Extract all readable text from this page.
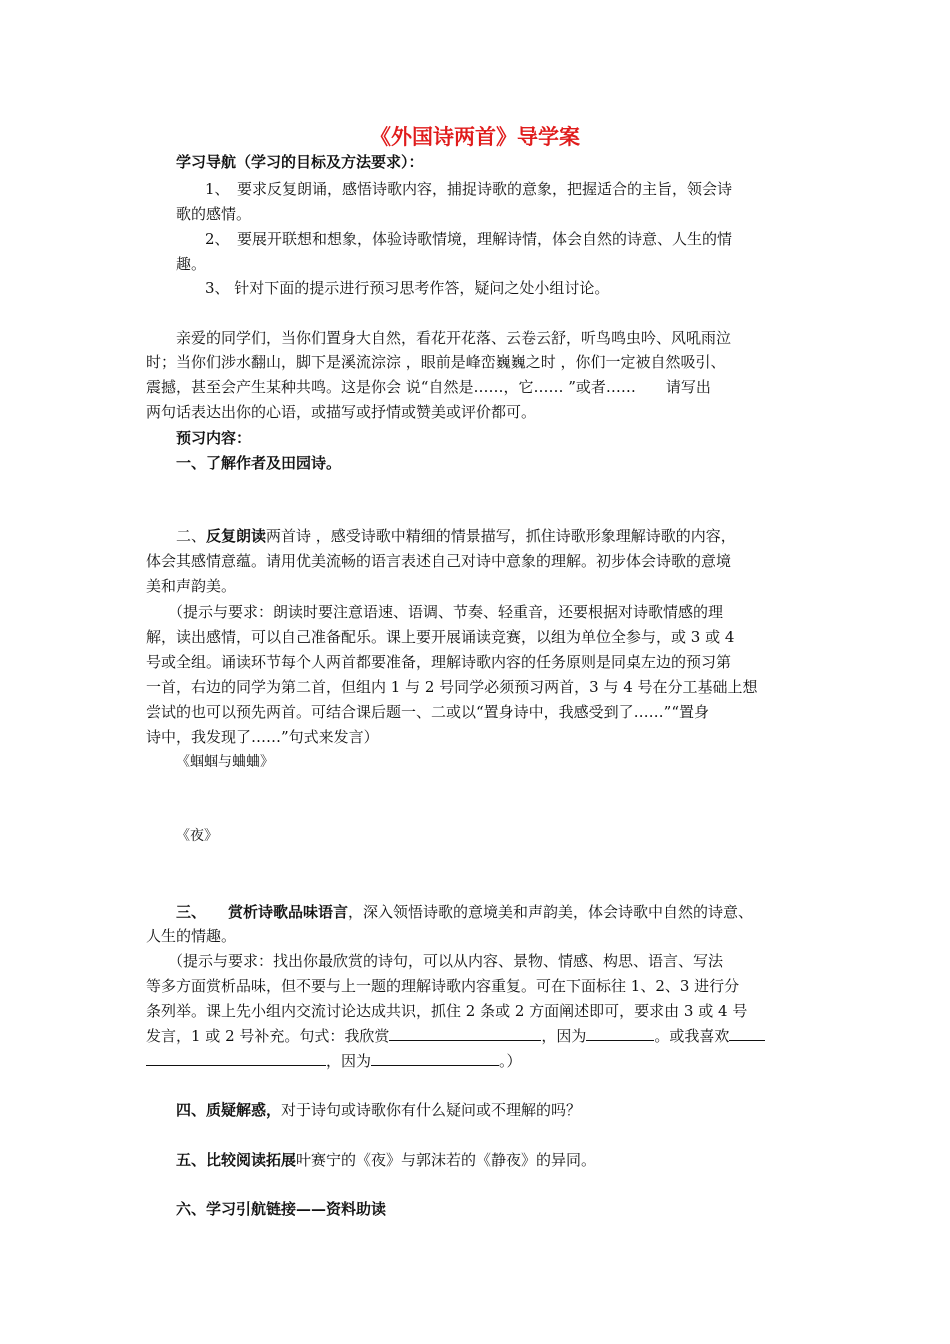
《外国诗两首》导学案
学习导航（学习的目标及方法要求）：
1、　要求反复朗诵，感悟诗歌内容，捕捉诗歌的意象，把握适合的主旨，领会诗
歌的感情。
2、　要展开联想和想象，体验诗歌情境，理解诗情，体会自然的诗意、人生的情
趣。
3、 针对下面的提示进行预习思考作答，疑问之处小组讨论。
亲爱的同学们，当你们置身大自然，看花开花落、云卷云舒，听鸟鸣虫吟、风吼雨泣
时；当你们涉水翻山，脚下是溪流淙淙 ，眼前是峰峦巍巍之时 ，你们一定被自然吸引、
震撼，甚至会产生某种共鸣。这是你会 说“自然是……，它…… ”或者……　　请写出
两句话表达出你的心语，或描写或抒情或赞美或评价都可。
预习内容：
一、了解作者及田园诗。
二、反复朗读两首诗 ，感受诗歌中精细的情景描写，抓住诗歌形象理解诗歌的内容，
体会其感情意蕴。请用优美流畅的语言表述自己对诗中意象的理解。初步体会诗歌的意境
美和声韵美。
（提示与要求：朗读时要注意语速、语调、节奏、轻重音，还要根据对诗歌情感的理
解，读出感情，可以自己准备配乐。课上要开展诵读竞赛，以组为单位全参与，或 3 或 4
号或全组。诵读环节每个人两首都要准备，理解诗歌内容的任务原则是同桌左边的预习第
一首，右边的同学为第二首，但组内 1 与 2 号同学必须预习两首，3 与 4 号在分工基础上想
尝试的也可以预先两首。可结合课后题一、二或以“置身诗中，我感受到了……”“置身
诗中，我发现了……”句式来发言）
《蝈蝈与蛐蛐》
《夜》
三、 赏析诗歌品味语言，深入领悟诗歌的意境美和声韵美，体会诗歌中自然的诗意、
人生的情趣。
（提示与要求：找出你最欣赏的诗句，可以从内容、景物、情感、构思、语言、写法
等多方面赏析品味，但不要与上一题的理解诗歌内容重复。可在下面标往 1、2、3 进行分
条列举。课上先小组内交流讨论达成共识，抓住 2 条或 2 方面阐述即可，要求由 3 或 4 号
发言，1 或 2 号补充。句式：我欣赏	，因为	。或我喜欢
，因为	。）
四、质疑解惑，对于诗句或诗歌你有什么疑问或不理解的吗？
五、比较阅读拓展叶赛宁的《夜》与郭沫若的《静夜》的异同。
六、学习引航链接——资料助读
